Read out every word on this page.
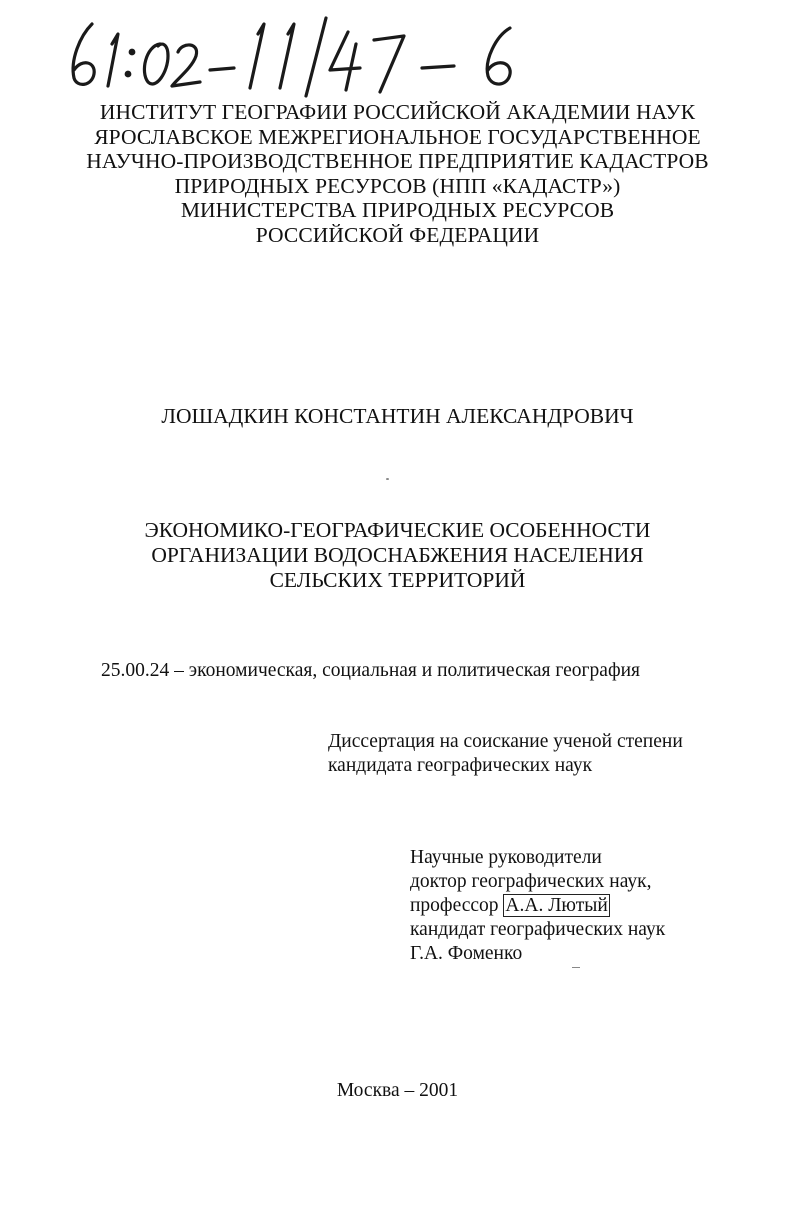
ИНСТИТУТ ГЕОГРАФИИ РОССИЙСКОЙ АКАДЕМИИ НАУК
ЯРОСЛАВСКОЕ МЕЖРЕГИОНАЛЬНОЕ ГОСУДАРСТВЕННОЕ
НАУЧНО-ПРОИЗВОДСТВЕННОЕ ПРЕДПРИЯТИЕ КАДАСТРОВ
ПРИРОДНЫХ РЕСУРСОВ (НПП «КАДАСТР»)
МИНИСТЕРСТВА ПРИРОДНЫХ РЕСУРСОВ
РОССИЙСКОЙ ФЕДЕРАЦИИ
ЛОШАДКИН КОНСТАНТИН АЛЕКСАНДРОВИЧ
ЭКОНОМИКО-ГЕОГРАФИЧЕСКИЕ ОСОБЕННОСТИ
ОРГАНИЗАЦИИ ВОДОСНАБЖЕНИЯ НАСЕЛЕНИЯ
СЕЛЬСКИХ ТЕРРИТОРИЙ
25.00.24 – экономическая, социальная и политическая география
Диссертация на соискание ученой степени
кандидата географических наук
Научные руководители
доктор географических наук,
профессор А.А. Лютый
кандидат географических наук
Г.А. Фоменко
Москва – 2001
